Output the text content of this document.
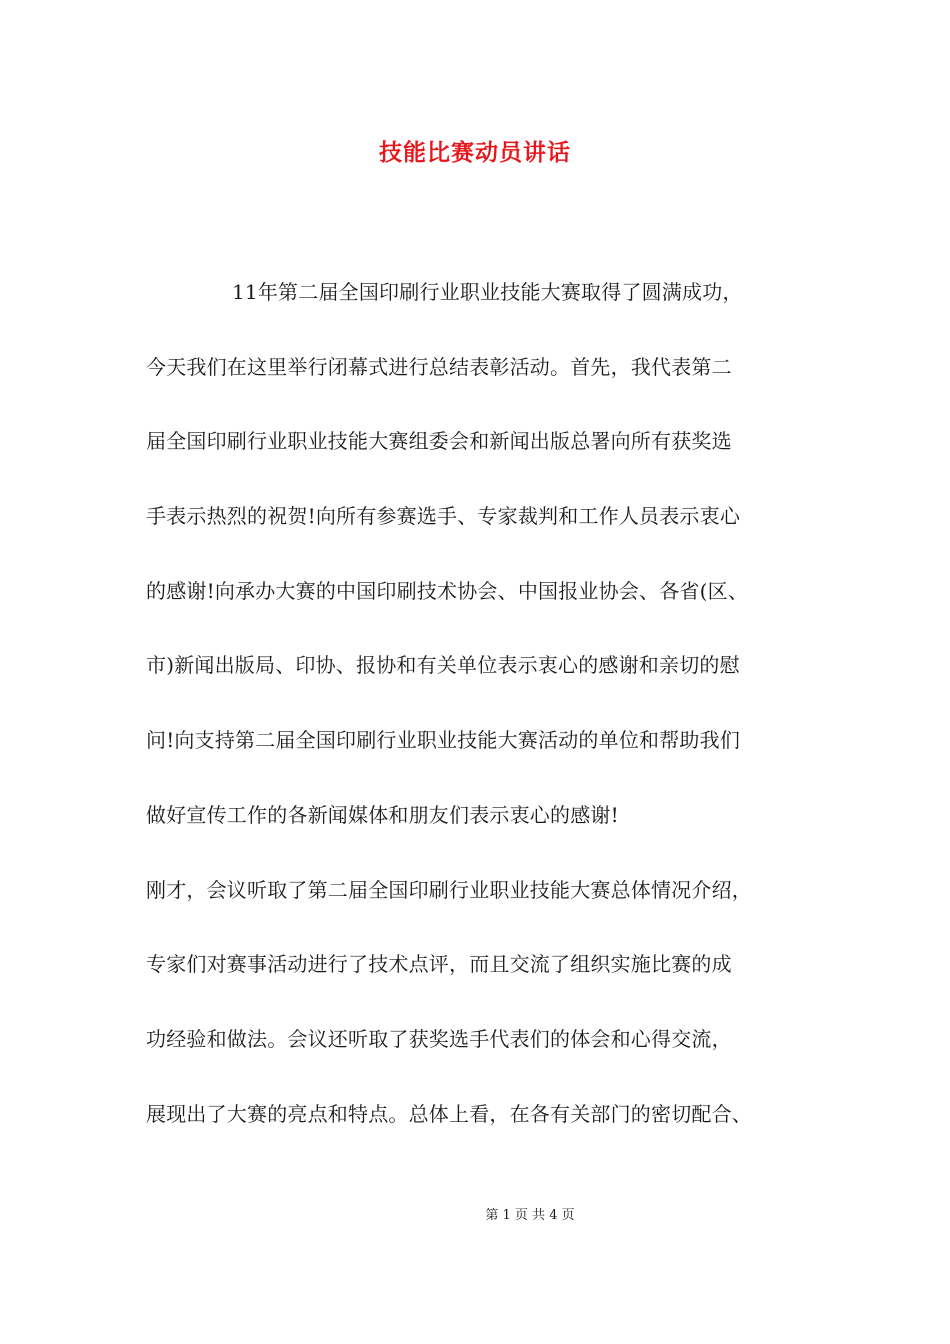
技能比赛动员讲话
11年第二届全国印刷行业职业技能大赛取得了圆满成功，
今天我们在这里举行闭幕式进行总结表彰活动。首先，我代表第二
届全国印刷行业职业技能大赛组委会和新闻出版总署向所有获奖选
手表示热烈的祝贺!向所有参赛选手、专家裁判和工作人员表示衷心
的感谢!向承办大赛的中国印刷技术协会、中国报业协会、各省(区、
市)新闻出版局、印协、报协和有关单位表示衷心的感谢和亲切的慰
问!向支持第二届全国印刷行业职业技能大赛活动的单位和帮助我们
做好宣传工作的各新闻媒体和朋友们表示衷心的感谢!
刚才，会议听取了第二届全国印刷行业职业技能大赛总体情况介绍，
专家们对赛事活动进行了技术点评，而且交流了组织实施比赛的成
功经验和做法。会议还听取了获奖选手代表们的体会和心得交流，
展现出了大赛的亮点和特点。总体上看，在各有关部门的密切配合、
第 1 页 共 4 页
